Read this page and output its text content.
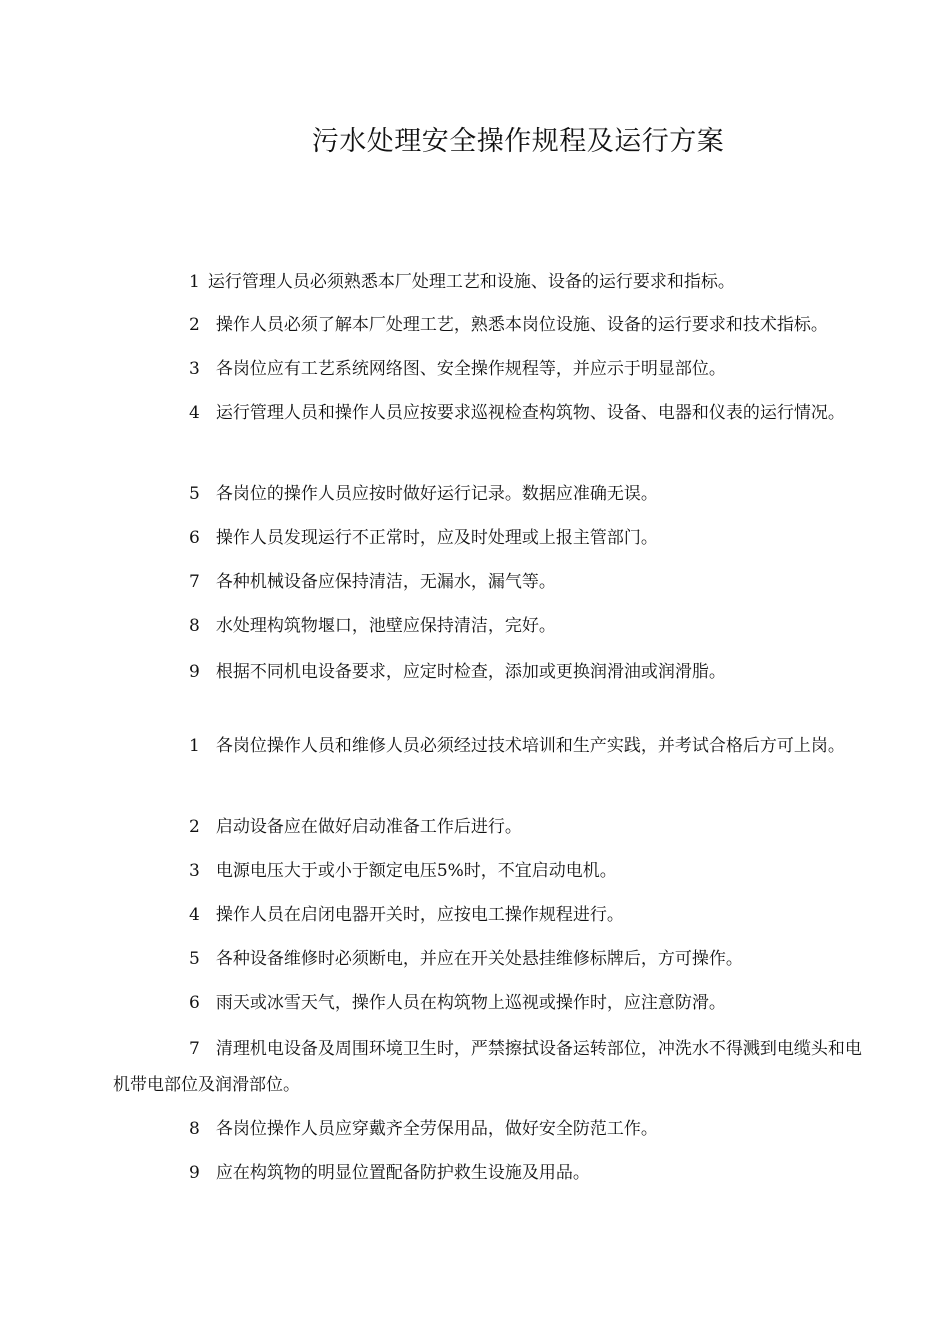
污水处理安全操作规程及运行方案

1 运行管理人员必须熟悉本厂处理工艺和设施、设备的运行要求和指标。

2 操作人员必须了解本厂处理工艺，熟悉本岗位设施、设备的运行要求和技术指标。

3 各岗位应有工艺系统网络图、安全操作规程等，并应示于明显部位。

4 运行管理人员和操作人员应按要求巡视检查构筑物、设备、电器和仪表的运行情况。

5 各岗位的操作人员应按时做好运行记录。数据应准确无误。

6 操作人员发现运行不正常时，应及时处理或上报主管部门。

7 各种机械设备应保持清洁，无漏水，漏气等。

8 水处理构筑物堰口，池壁应保持清洁，完好。

9 根据不同机电设备要求，应定时检查，添加或更换润滑油或润滑脂。

1 各岗位操作人员和维修人员必须经过技术培训和生产实践，并考试合格后方可上岗。

2 启动设备应在做好启动准备工作后进行。

3 电源电压大于或小于额定电压5%时，不宜启动电机。

4 操作人员在启闭电器开关时，应按电工操作规程进行。

5 各种设备维修时必须断电，并应在开关处悬挂维修标牌后，方可操作。

6 雨天或冰雪天气，操作人员在构筑物上巡视或操作时，应注意防滑。

7 清理机电设备及周围环境卫生时，严禁擦拭设备运转部位，冲洗水不得溅到电缆头和电机带电部位及润滑部位。

8 各岗位操作人员应穿戴齐全劳保用品，做好安全防范工作。

9 应在构筑物的明显位置配备防护救生设施及用品。
